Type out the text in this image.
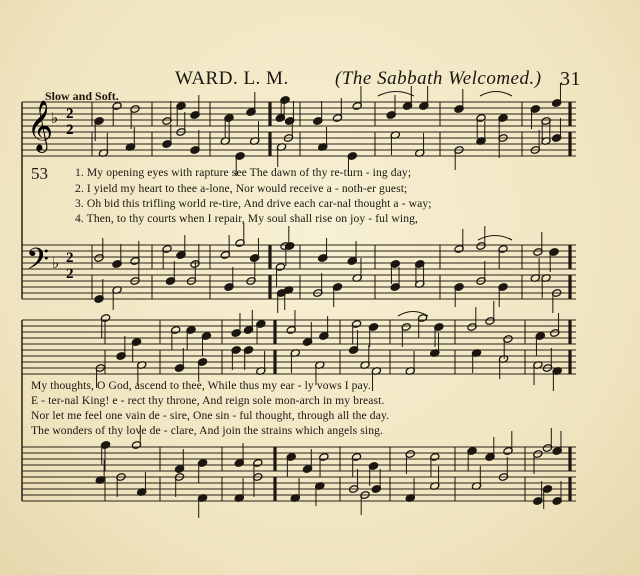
WARD. L. M. (The Sabbath Welcomed.) 31
Slow and Soft.
53 1. My opening eyes with rapture see The dawn of thy re-turn - ing day;
2. I yield my heart to thee a-lone, Nor would receive a - noth-er guest;
3. Oh bid this trifling world re-tire, And drive each car-nal thought a - way;
4. Then, to thy courts when I repair, My soul shall rise on joy - ful wing,
My thoughts, O God, ascend to thee, While thus my ear - ly vows I pay.
E - ter-nal King! e - rect thy throne, And reign sole mon-arch in my breast.
Nor let me feel one vain de - sire, One sin - ful thought, through all the day.
The wonders of thy love de - clare, And join the strains which angels sing.
𝄞
♭ 2
2
𝄢 ♭ 2
2
